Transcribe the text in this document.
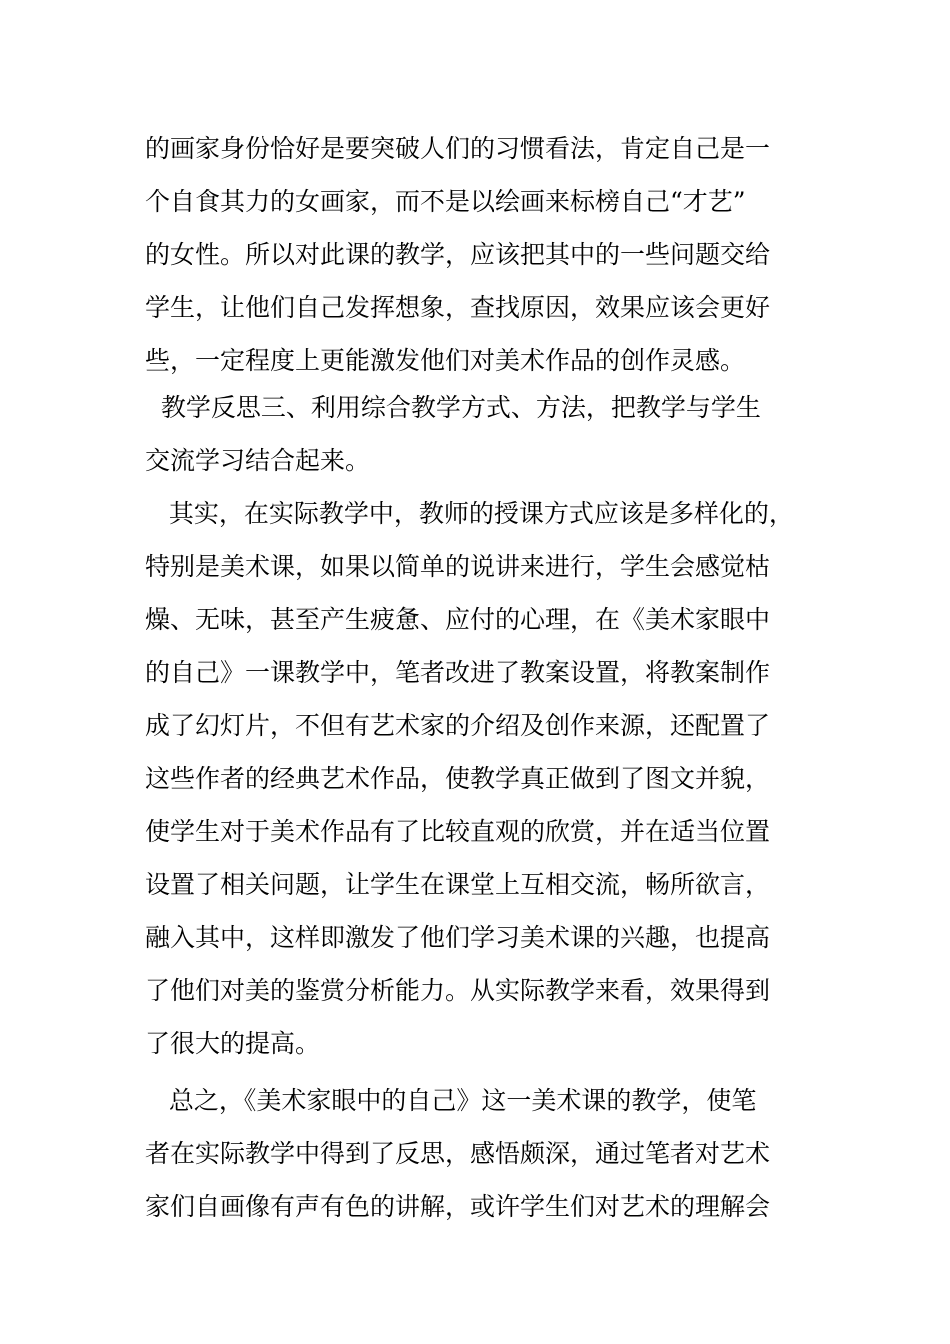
的画家身份恰好是要突破人们的习惯看法，肯定自己是一
个自食其力的女画家，而不是以绘画来标榜自己“才艺”
的女性。所以对此课的教学，应该把其中的一些问题交给
学生，让他们自己发挥想象，查找原因，效果应该会更好
些，一定程度上更能激发他们对美术作品的创作灵感。
教学反思三、利用综合教学方式、方法，把教学与学生
交流学习结合起来。
其实，在实际教学中，教师的授课方式应该是多样化的，
特别是美术课，如果以简单的说讲来进行，学生会感觉枯
燥、无味，甚至产生疲惫、应付的心理，在《美术家眼中
的自己》一课教学中，笔者改进了教案设置，将教案制作
成了幻灯片，不但有艺术家的介绍及创作来源，还配置了
这些作者的经典艺术作品，使教学真正做到了图文并貌，
使学生对于美术作品有了比较直观的欣赏，并在适当位置
设置了相关问题，让学生在课堂上互相交流，畅所欲言，
融入其中，这样即激发了他们学习美术课的兴趣，也提高
了他们对美的鉴赏分析能力。从实际教学来看，效果得到
了很大的提高。
总之，《美术家眼中的自己》这一美术课的教学，使笔
者在实际教学中得到了反思，感悟颇深，通过笔者对艺术
家们自画像有声有色的讲解，或许学生们对艺术的理解会
